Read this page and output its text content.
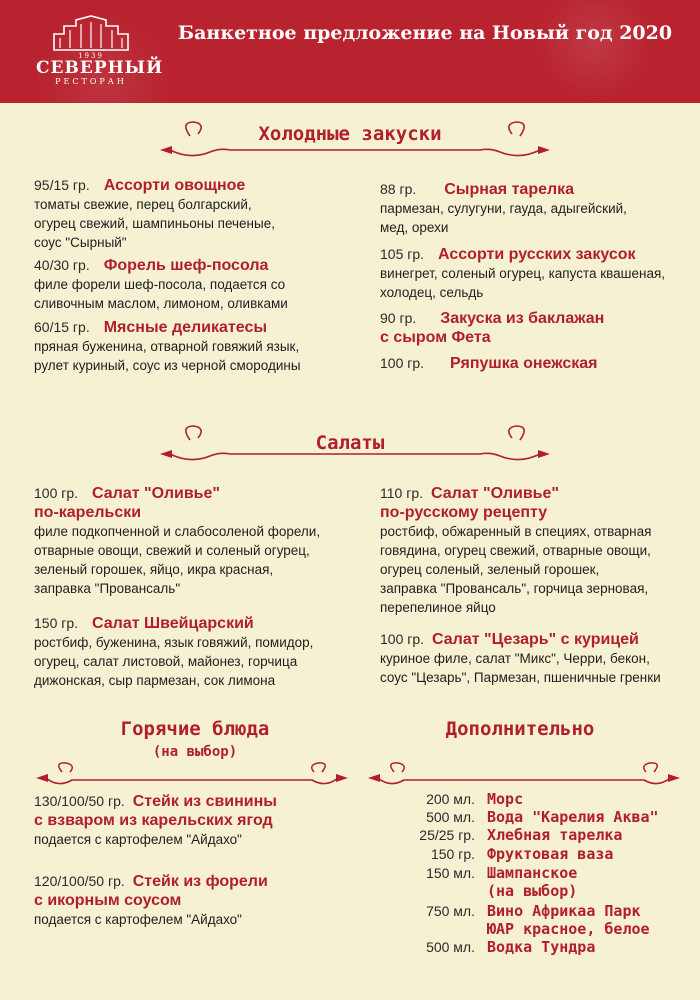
1939
СЕВЕРНЫЙ
РЕСТОРАН
Банкетное предложение на Новый год 2020
Холодные закуски
95/15 гр. Ассорти овощное
томаты свежие, перец болгарский,
огурец свежий, шампиньоны печеные,
соус "Сырный"
40/30 гр. Форель шеф-посола
филе форели шеф-посола, подается со
сливочным маслом, лимоном, оливками
60/15 гр. Мясные деликатесы
пряная буженина, отварной говяжий язык,
рулет куриный, соус из черной смородины
88 гр. Сырная тарелка
пармезан, сулугуни, гауда, адыгейский,
мед, орехи
105 гр. Ассорти русских закусок
винегрет, соленый огурец, капуста квашеная,
холодец, сельдь
90 гр. Закуска из баклажан
с сыром Фета
100 гр. Ряпушка онежская
Салаты
100 гр. Салат "Оливье"
по-карельски
филе подкопченной и слабосоленой форели,
отварные овощи, свежий и соленый огурец,
зеленый горошек, яйцо, икра красная,
заправка "Провансаль"
150 гр. Салат Швейцарский
ростбиф, буженина, язык говяжий, помидор,
огурец, салат листовой, майонез, горчица
дижонская, сыр пармезан, сок лимона
110 гр. Салат "Оливье"
по-русскому рецепту
ростбиф, обжаренный в специях, отварная
говядина, огурец свежий, отварные овощи,
огурец соленый, зеленый горошек,
заправка "Провансаль", горчица зерновая,
перепелиное яйцо
100 гр. Салат "Цезарь" с курицей
куриное филе, салат "Микс", Черри, бекон,
соус "Цезарь", Пармезан, пшеничные гренки
Горячие блюда
(на выбор)
130/100/50 гр. Стейк из свинины
с взваром из карельских ягод
подается с картофелем "Айдахо"
120/100/50 гр. Стейк из форели
с икорным соусом
подается с картофелем "Айдахо"
Дополнительно
200 мл. Морс
500 мл. Вода "Карелия Аква"
25/25 гр. Хлебная тарелка
150 гр. Фруктовая ваза
150 мл. Шампанское
(на выбор)
750 мл. Вино Африкаа Парк
ЮАР красное, белое
500 мл. Водка Тундра
